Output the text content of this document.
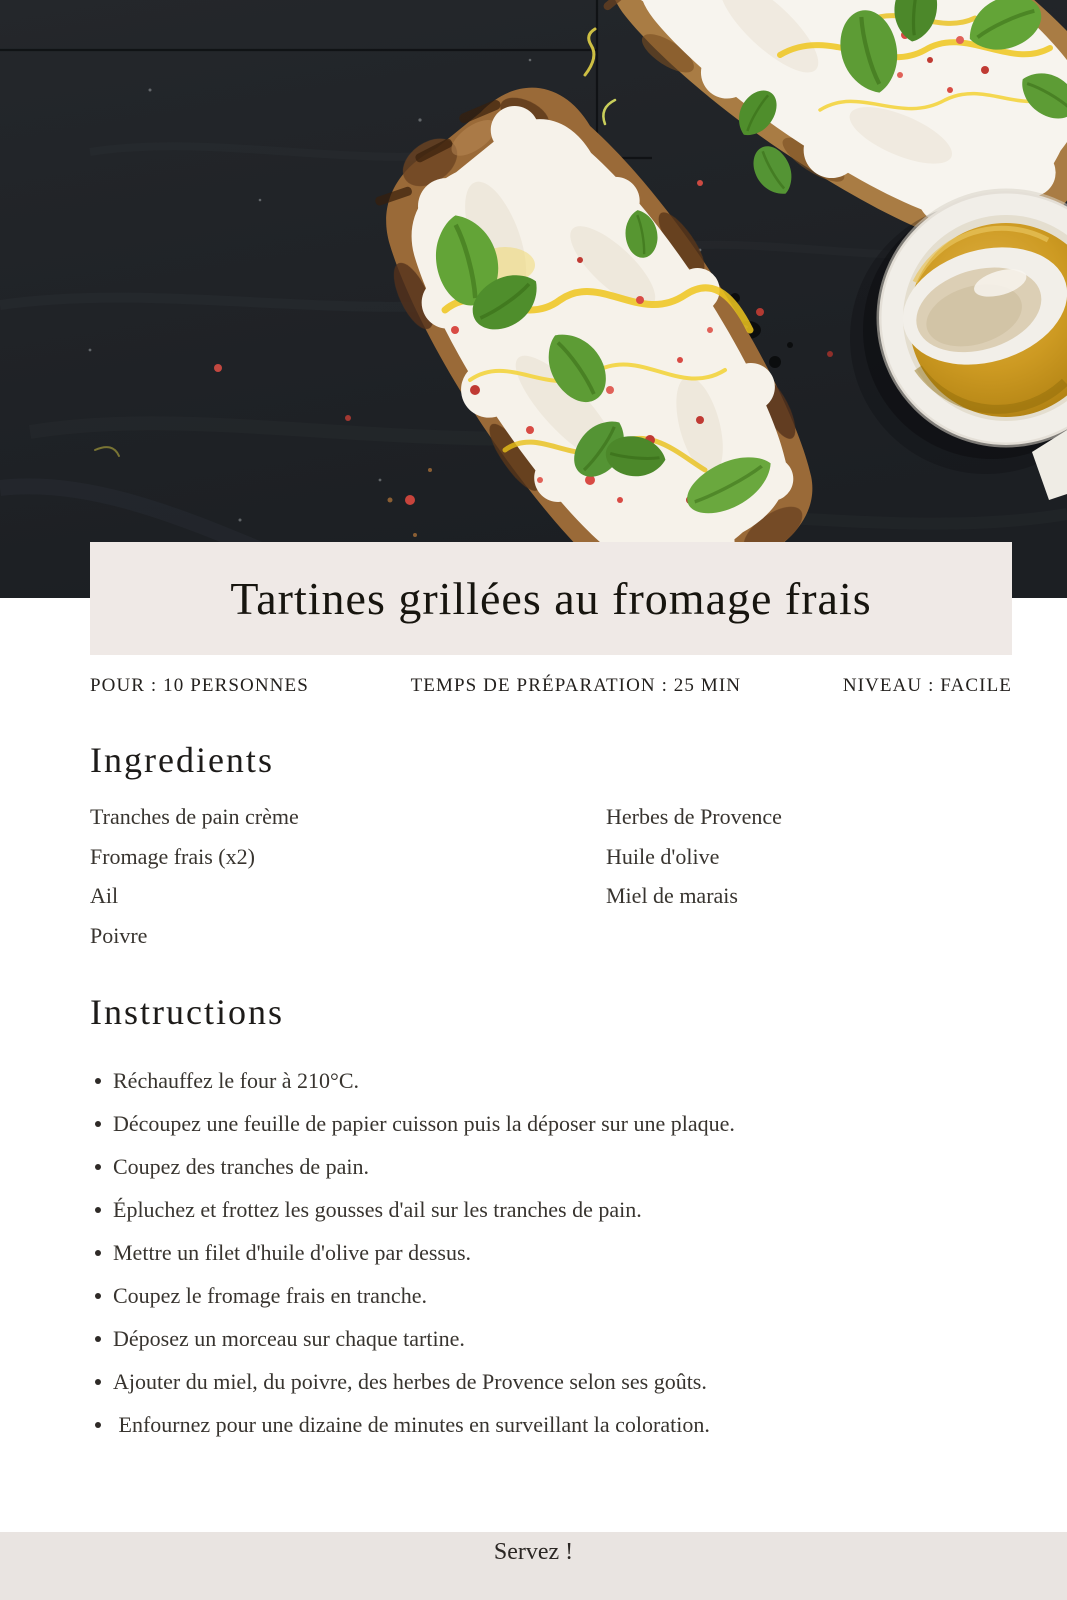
Tartines grillées au fromage frais
POUR : 10 PERSONNES	TEMPS DE PRÉPARATION : 25 MIN	NIVEAU : FACILE
Ingredients
Tranches de pain crème
Fromage frais (x2)
Ail
Poivre
Herbes de Provence
Huile d'olive
Miel de marais
Instructions
Réchauffez le four à 210°C.
Découpez une feuille de papier cuisson puis la déposer sur une plaque.
Coupez des tranches de pain.
Épluchez et frottez les gousses d'ail sur les tranches de pain.
Mettre un filet d'huile d'olive par dessus.
Coupez le fromage frais en tranche.
Déposez un morceau sur chaque tartine.
Ajouter du miel, du poivre, des herbes de Provence selon ses goûts.
Enfournez pour une dizaine de minutes en surveillant la coloration.
Servez !
